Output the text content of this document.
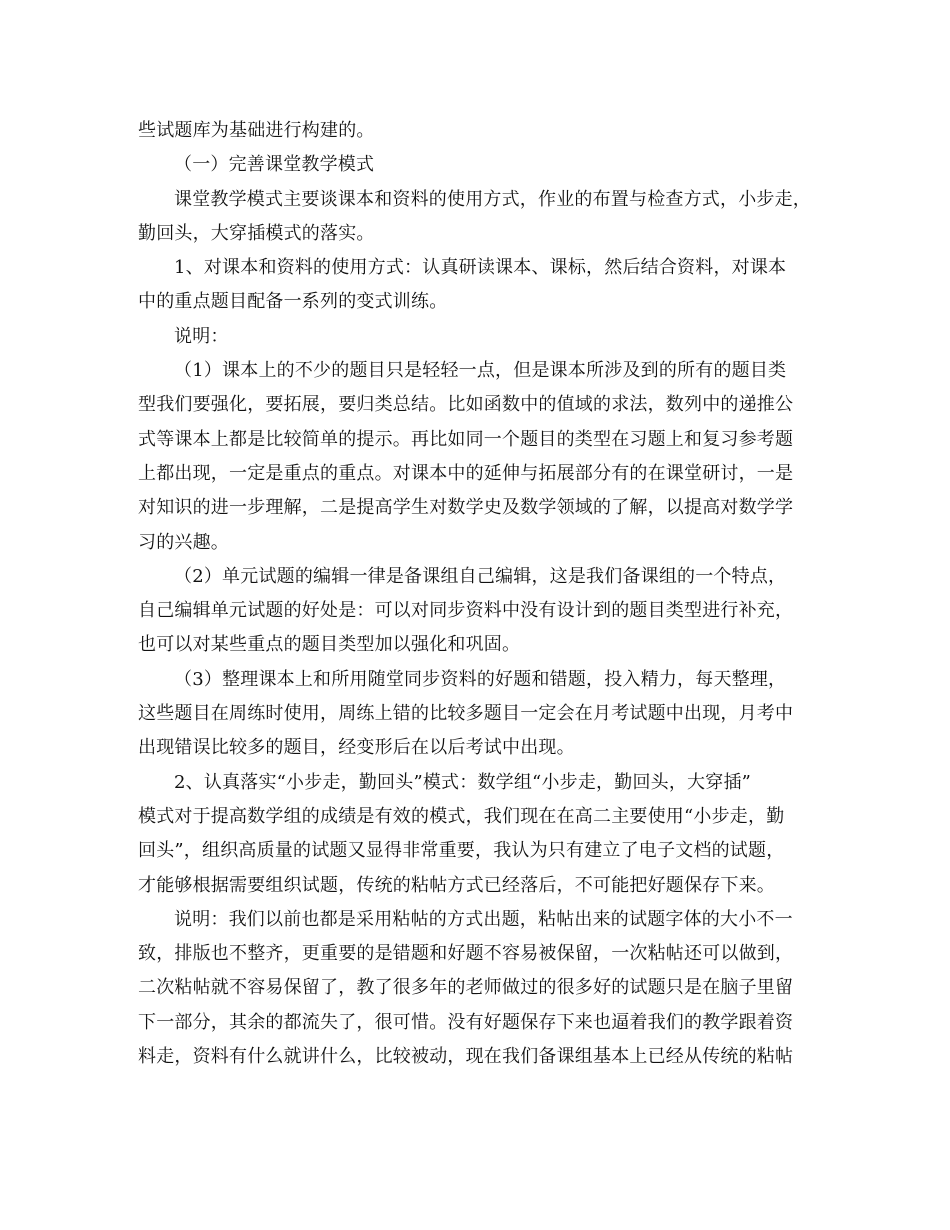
些试题库为基础进行构建的。
（一）完善课堂教学模式
课堂教学模式主要谈课本和资料的使用方式，作业的布置与检查方式，小步走，
勤回头，大穿插模式的落实。
1、对课本和资料的使用方式：认真研读课本、课标，然后结合资料，对课本
中的重点题目配备一系列的变式训练。
说明：
（1）课本上的不少的题目只是轻轻一点，但是课本所涉及到的所有的题目类
型我们要强化，要拓展，要归类总结。比如函数中的值域的求法，数列中的递推公
式等课本上都是比较简单的提示。再比如同一个题目的类型在习题上和复习参考题
上都出现，一定是重点的重点。对课本中的延伸与拓展部分有的在课堂研讨，一是
对知识的进一步理解，二是提高学生对数学史及数学领域的了解，以提高对数学学
习的兴趣。
（2）单元试题的编辑一律是备课组自己编辑，这是我们备课组的一个特点，
自己编辑单元试题的好处是：可以对同步资料中没有设计到的题目类型进行补充，
也可以对某些重点的题目类型加以强化和巩固。
（3）整理课本上和所用随堂同步资料的好题和错题，投入精力，每天整理，
这些题目在周练时使用，周练上错的比较多题目一定会在月考试题中出现，月考中
出现错误比较多的题目，经变形后在以后考试中出现。
2、认真落实“小步走，勤回头”模式：数学组“小步走，勤回头，大穿插”
模式对于提高数学组的成绩是有效的模式，我们现在在高二主要使用“小步走，勤
回头”，组织高质量的试题又显得非常重要，我认为只有建立了电子文档的试题，
才能够根据需要组织试题，传统的粘帖方式已经落后，不可能把好题保存下来。
说明：我们以前也都是采用粘帖的方式出题，粘帖出来的试题字体的大小不一
致，排版也不整齐，更重要的是错题和好题不容易被保留，一次粘帖还可以做到，
二次粘帖就不容易保留了，教了很多年的老师做过的很多好的试题只是在脑子里留
下一部分，其余的都流失了，很可惜。没有好题保存下来也逼着我们的教学跟着资
料走，资料有什么就讲什么，比较被动，现在我们备课组基本上已经从传统的粘帖
